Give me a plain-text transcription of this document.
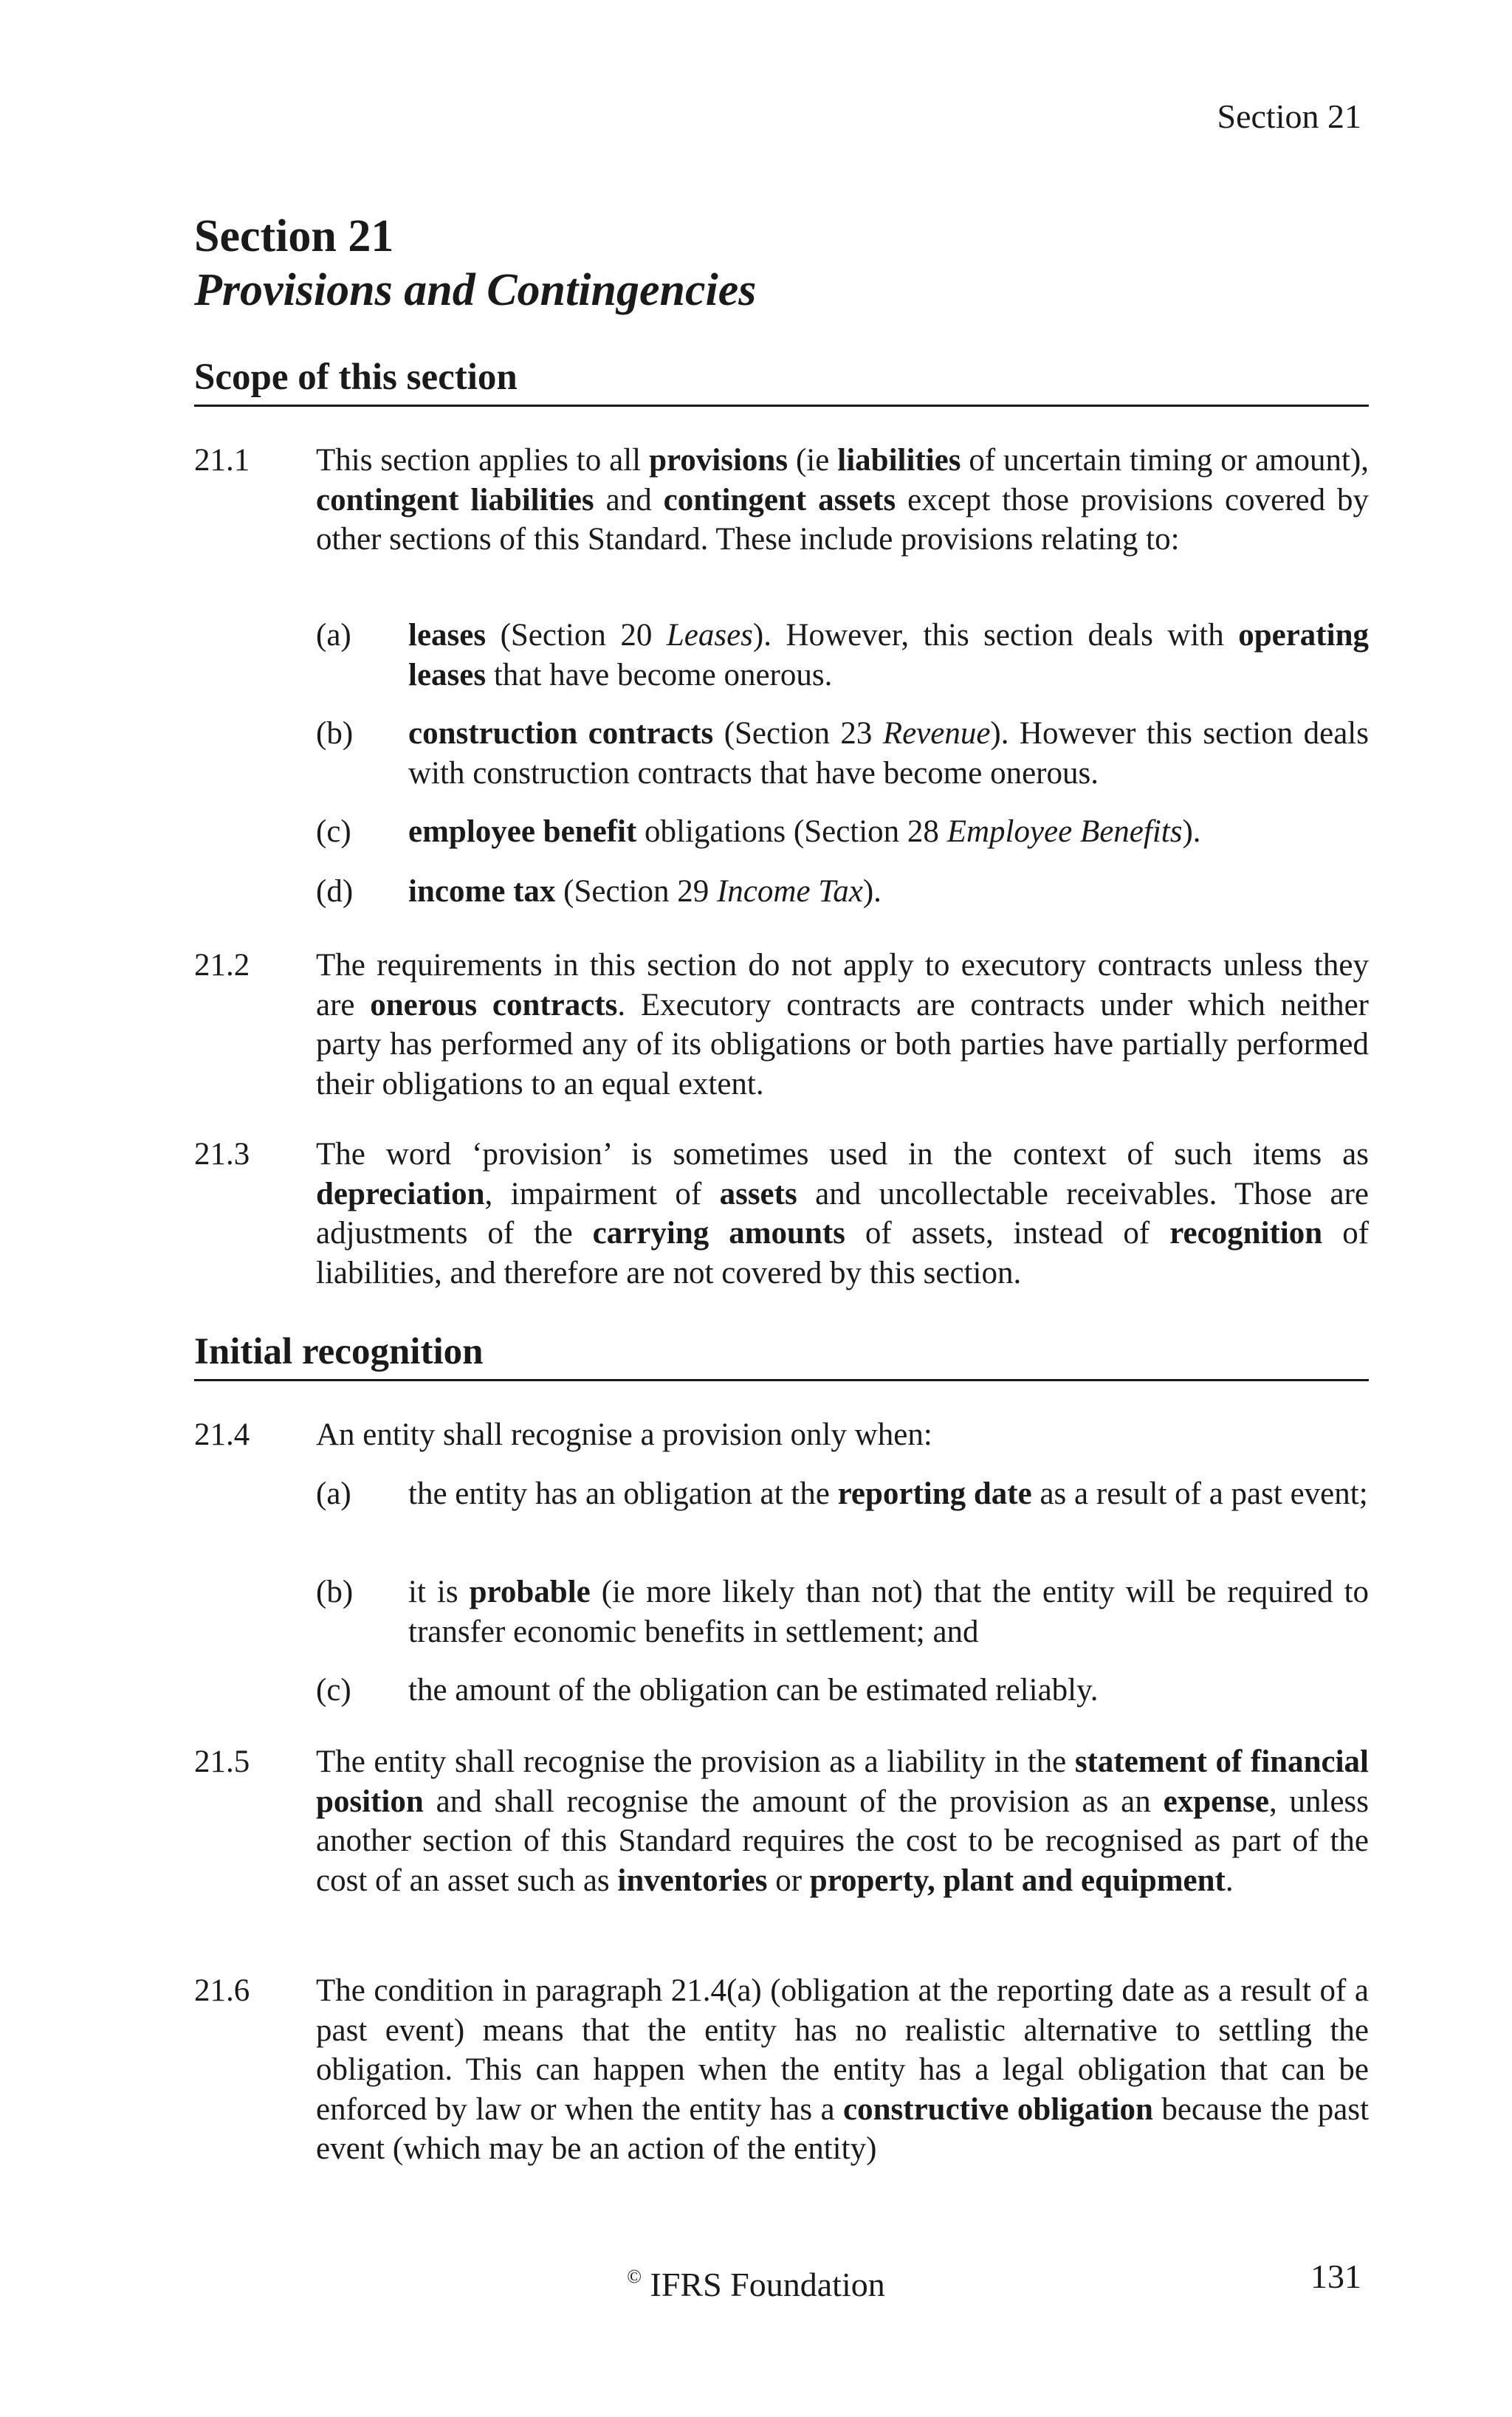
Section 21
Section 21
Provisions and Contingencies
Scope of this section
21.1 This section applies to all provisions (ie liabilities of uncertain timing or amount), contingent liabilities and contingent assets except those provisions covered by other sections of this Standard. These include provisions relating to:
(a) leases (Section 20 Leases). However, this section deals with operating leases that have become onerous.
(b) construction contracts (Section 23 Revenue). However this section deals with construction contracts that have become onerous.
(c) employee benefit obligations (Section 28 Employee Benefits).
(d) income tax (Section 29 Income Tax).
21.2 The requirements in this section do not apply to executory contracts unless they are onerous contracts. Executory contracts are contracts under which neither party has performed any of its obligations or both parties have partially performed their obligations to an equal extent.
21.3 The word ‘provision’ is sometimes used in the context of such items as depreciation, impairment of assets and uncollectable receivables. Those are adjustments of the carrying amounts of assets, instead of recognition of liabilities, and therefore are not covered by this section.
Initial recognition
21.4 An entity shall recognise a provision only when:
(a) the entity has an obligation at the reporting date as a result of a past event;
(b) it is probable (ie more likely than not) that the entity will be required to transfer economic benefits in settlement; and
(c) the amount of the obligation can be estimated reliably.
21.5 The entity shall recognise the provision as a liability in the statement of financial position and shall recognise the amount of the provision as an expense, unless another section of this Standard requires the cost to be recognised as part of the cost of an asset such as inventories or property, plant and equipment.
21.6 The condition in paragraph 21.4(a) (obligation at the reporting date as a result of a past event) means that the entity has no realistic alternative to settling the obligation. This can happen when the entity has a legal obligation that can be enforced by law or when the entity has a constructive obligation because the past event (which may be an action of the entity)
© IFRS Foundation	131
